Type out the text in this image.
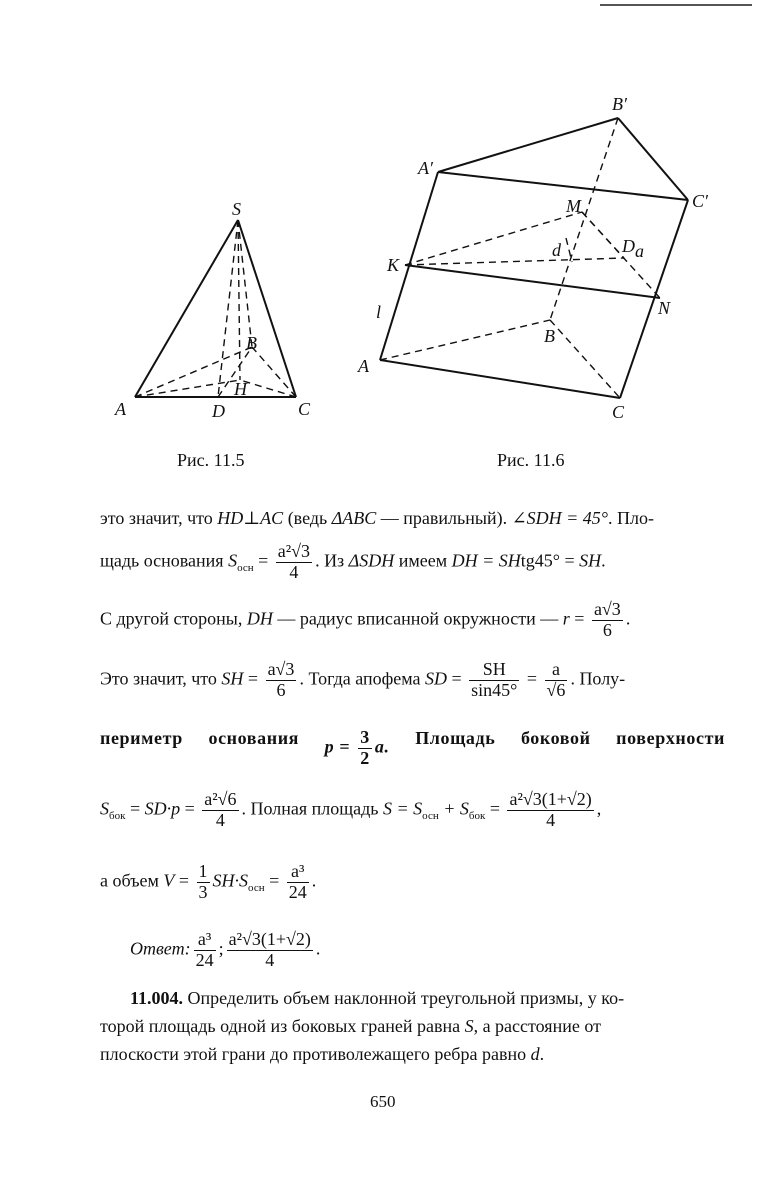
S
A	D	C
B
H
Рис. 11.5
B′
A′
C′
M
d	Da
K
N
l
B
A
C
Рис. 11.6
это значит, что HD⊥AC (ведь ΔABC — правильный). ∠SDH = 45°. Пло-
щадь основания $S_{осн} = \frac{\text{a²√3}}{4}$ . Из ΔSDH имеем DH = SHtg45° = SH.
С другой стороны, DH — радиус вписанной окружности — $r = \frac{a√3}{6}$ .
Это значит, что SH = $\frac{a√3}{6}$ . Тогда апофема SD = $\frac{SH}{\sin 45^\circ} = \frac{a}{√6}$ . Полу-
периметр основания $p = \frac{3}{2} a$. Площадь боковой поверхности
$S_{бок} = SD\cdot p = \frac{\text{a²√6}}{4}$ . Полная площадь $S = S_{осн} + S_{бок} = \frac{\text{a²√3(1+√2)}}{4}$ ,
а объем $V = \frac{1}{3} SH\cdot S_{осн} = \frac{\text{a³}}{24}$ .
Ответ: $\frac{\text{a³}}{24}$ ; $\frac{\text{a²√3(1+√2)}}{4}$ .
11.004. Определить объем наклонной треугольной призмы, у ко-
торой площадь одной из боковых граней равна S, а расстояние от
плоскости этой грани до противолежащего ребра равно d.
650
